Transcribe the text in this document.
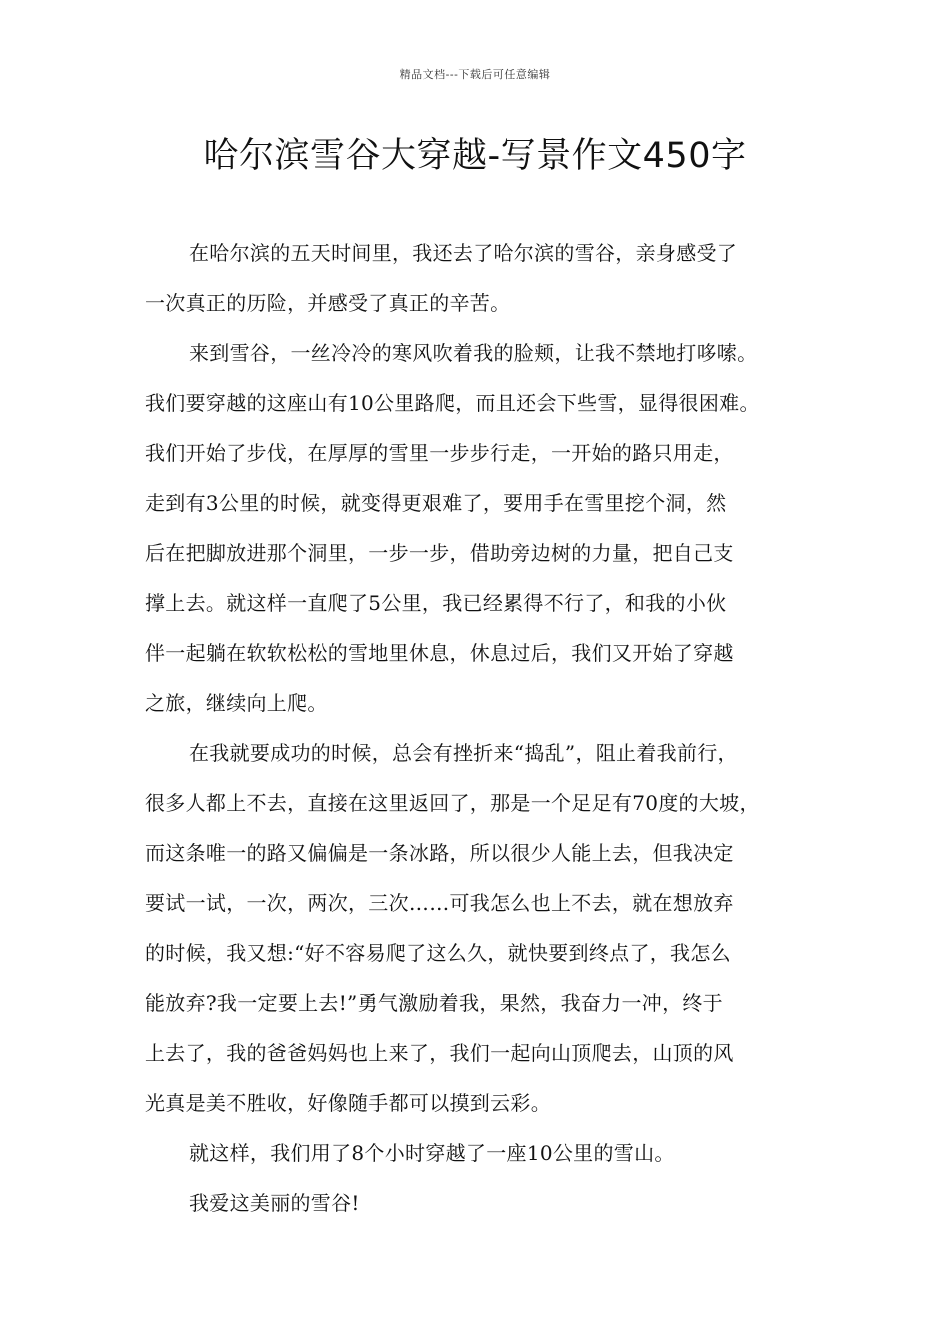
精品文档---下载后可任意编辑
哈尔滨雪谷大穿越-写景作文450字
在哈尔滨的五天时间里，我还去了哈尔滨的雪谷，亲身感受了
一次真正的历险，并感受了真正的辛苦。
来到雪谷，一丝冷冷的寒风吹着我的脸颊，让我不禁地打哆嗦。
我们要穿越的这座山有10公里路爬，而且还会下些雪，显得很困难。
我们开始了步伐，在厚厚的雪里一步步行走，一开始的路只用走，
走到有3公里的时候，就变得更艰难了，要用手在雪里挖个洞，然
后在把脚放进那个洞里，一步一步，借助旁边树的力量，把自己支
撑上去。就这样一直爬了5公里，我已经累得不行了，和我的小伙
伴一起躺在软软松松的雪地里休息，休息过后，我们又开始了穿越
之旅，继续向上爬。
在我就要成功的时候，总会有挫折来“捣乱”，阻止着我前行，
很多人都上不去，直接在这里返回了，那是一个足足有70度的大坡，
而这条唯一的路又偏偏是一条冰路，所以很少人能上去，但我决定
要试一试，一次，两次，三次……可我怎么也上不去，就在想放弃
的时候，我又想:“好不容易爬了这么久，就快要到终点了，我怎么
能放弃?我一定要上去!”勇气激励着我，果然，我奋力一冲，终于
上去了，我的爸爸妈妈也上来了，我们一起向山顶爬去，山顶的风
光真是美不胜收，好像随手都可以摸到云彩。
就这样，我们用了8个小时穿越了一座10公里的雪山。
我爱这美丽的雪谷!
